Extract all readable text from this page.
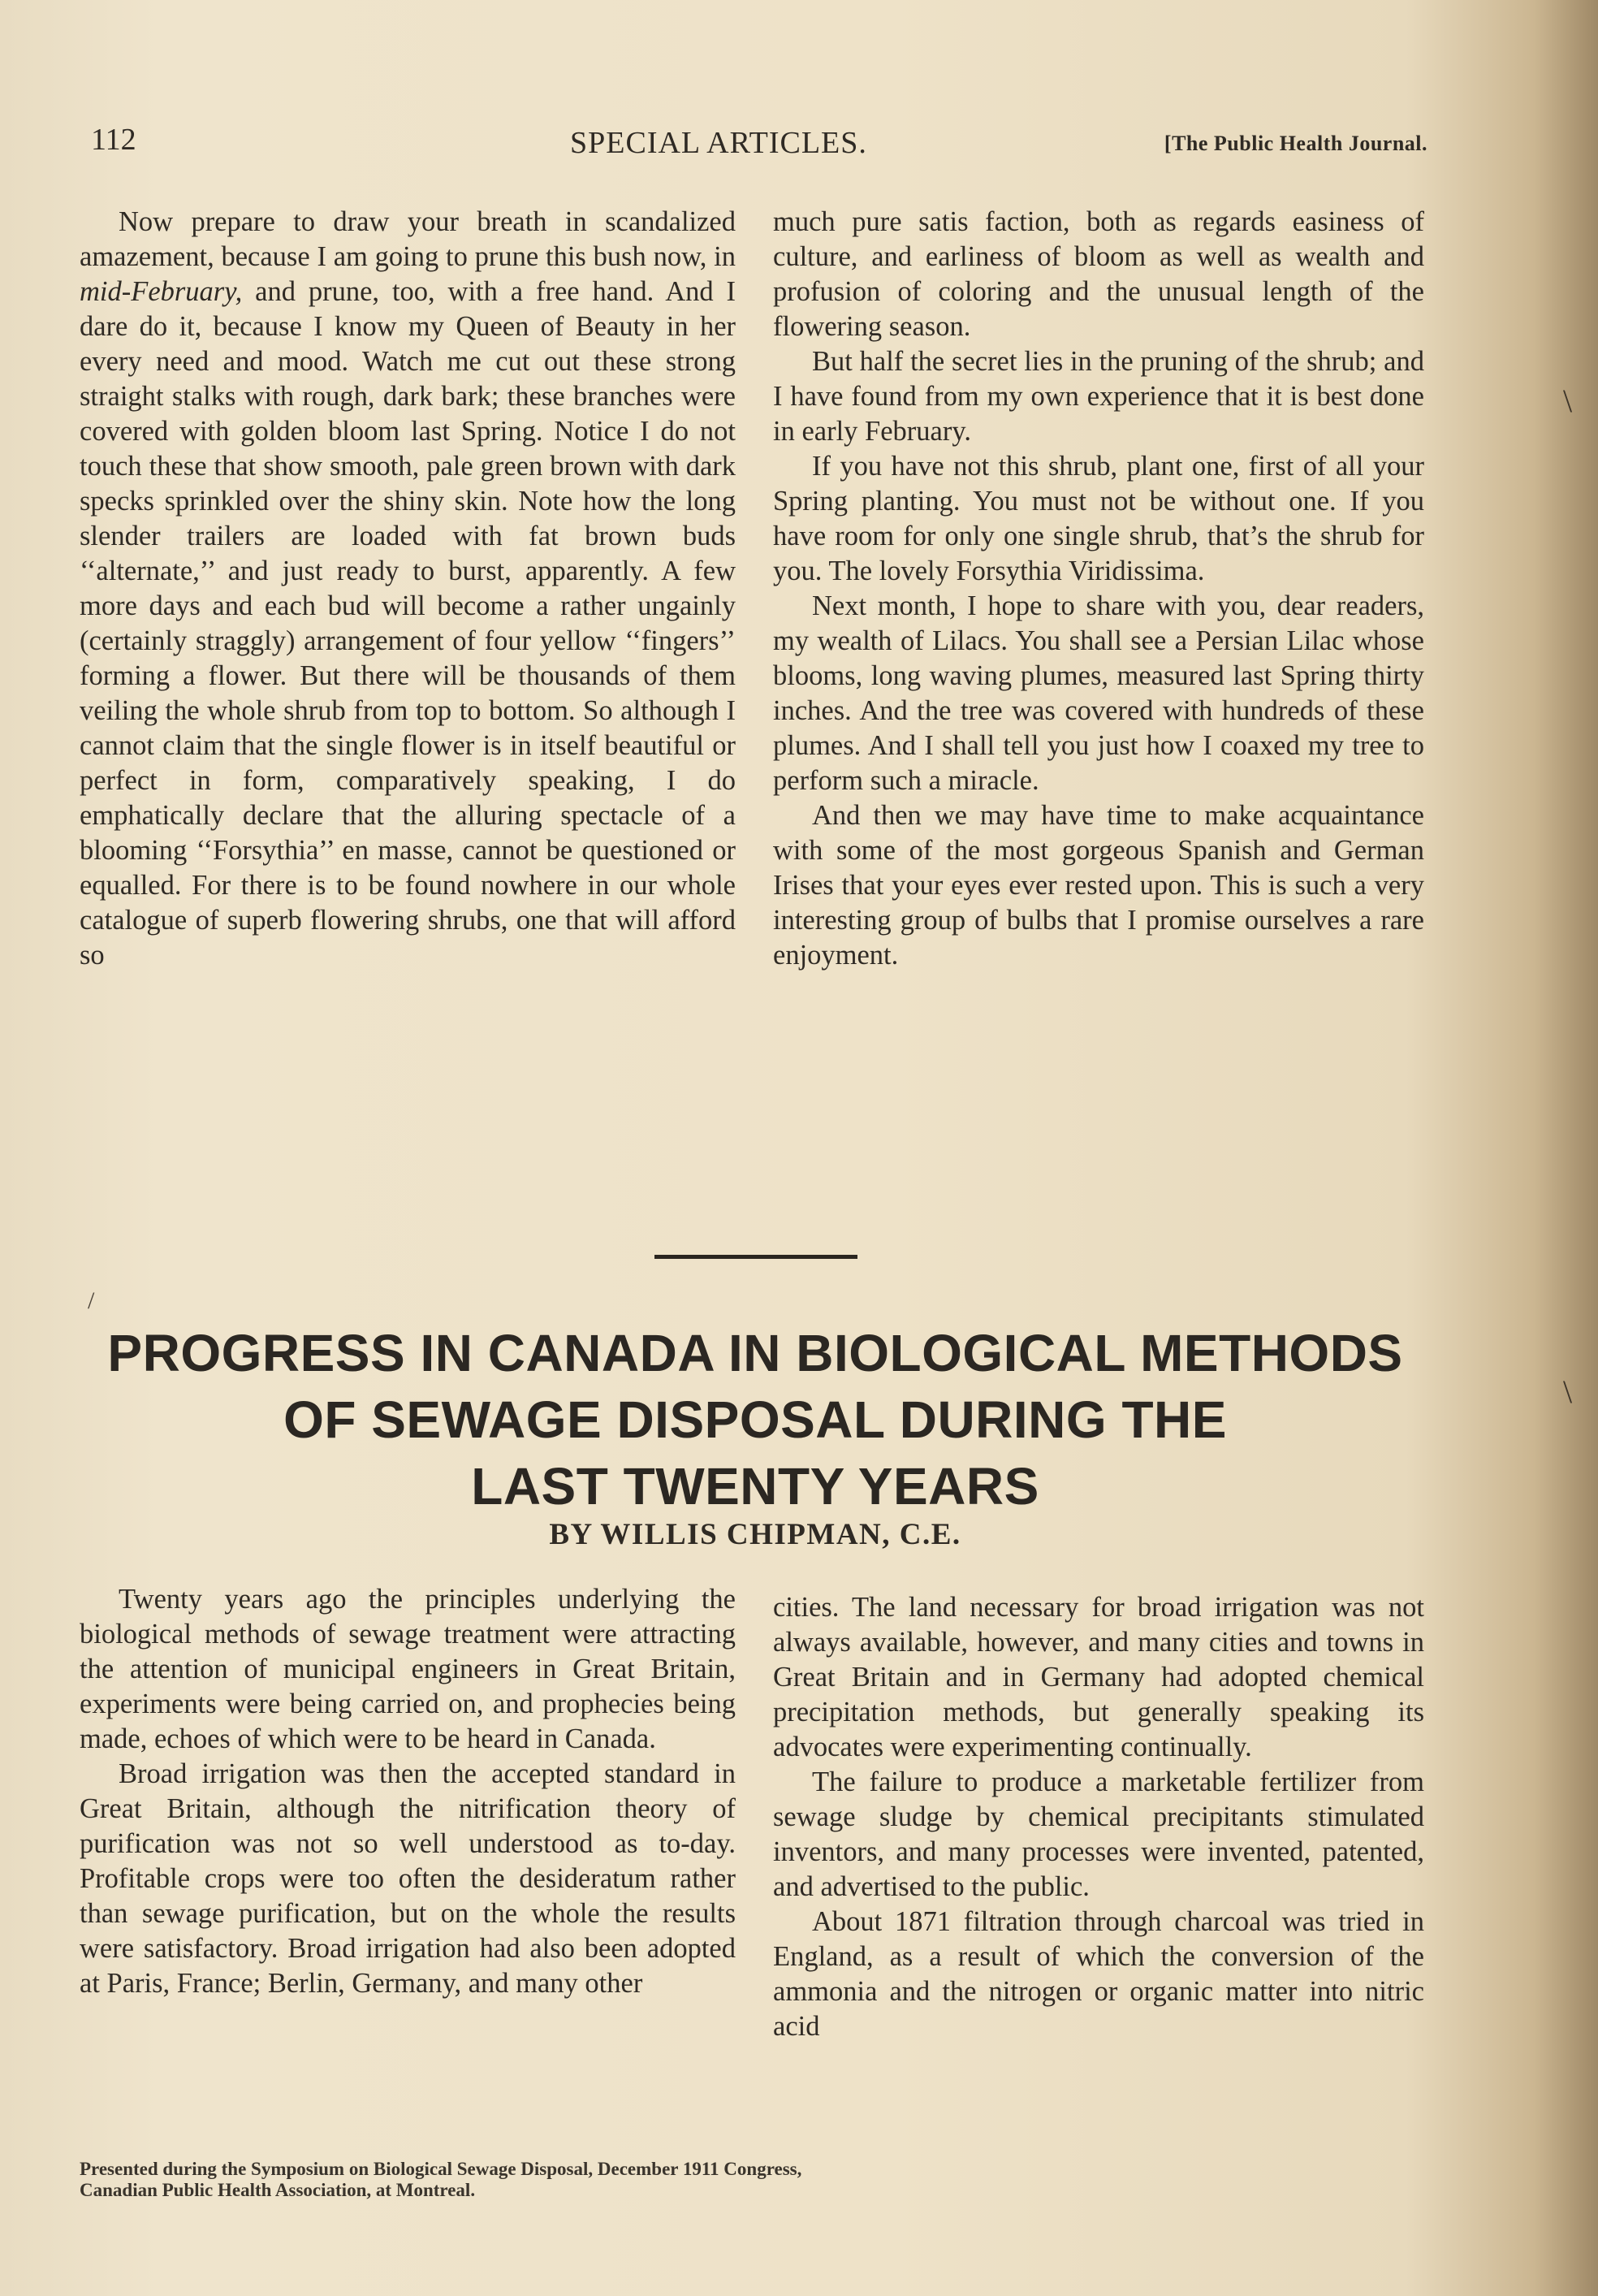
112	SPECIAL ARTICLES.	[The Public Health Journal.

Now prepare to draw your breath in scandalized amazement, because I am going to prune this bush now, in mid-February, and prune, too, with a free hand. And I dare do it, because I know my Queen of Beauty in her every need and mood. Watch me cut out these strong straight stalks with rough, dark bark; these branches were covered with golden bloom last Spring. Notice I do not touch these that show smooth, pale green brown with dark specks sprinkled over the shiny skin. Note how the long slender trailers are loaded with fat brown buds ‘‘alternate,’’ and just ready to burst, apparently. A few more days and each bud will become a rather ungainly (certainly straggly) arrangement of four yellow ‘‘fingers’’ forming a flower. But there will be thousands of them veiling the whole shrub from top to bottom. So although I cannot claim that the single flower is in itself beautiful or perfect in form, comparatively speaking, I do emphatically declare that the alluring spectacle of a blooming ‘‘Forsythia’’ en masse, cannot be questioned or equalled. For there is to be found nowhere in our whole catalogue of superb flowering shrubs, one that will afford so

much pure satis faction, both as regards easiness of culture, and earliness of bloom as well as wealth and profusion of coloring and the unusual length of the flowering season.

But half the secret lies in the pruning of the shrub; and I have found from my own experience that it is best done in early February.

If you have not this shrub, plant one, first of all your Spring planting. You must not be without one. If you have room for only one single shrub, that’s the shrub for you. The lovely Forsythia Viridissima.

Next month, I hope to share with you, dear readers, my wealth of Lilacs. You shall see a Persian Lilac whose blooms, long waving plumes, measured last Spring thirty inches. And the tree was covered with hundreds of these plumes. And I shall tell you just how I coaxed my tree to perform such a miracle.

And then we may have time to make acquaintance with some of the most gorgeous Spanish and German Irises that your eyes ever rested upon. This is such a very interesting group of bulbs that I promise ourselves a rare enjoyment.

/
PROGRESS IN CANADA IN BIOLOGICAL METHODS
OF SEWAGE DISPOSAL DURING THE
LAST TWENTY YEARS
BY WILLIS CHIPMAN, C.E.

Twenty years ago the principles underlying the biological methods of sewage treatment were attracting the attention of municipal engineers in Great Britain, experiments were being carried on, and prophecies being made, echoes of which were to be heard in Canada.

Broad irrigation was then the accepted standard in Great Britain, although the nitrification theory of purification was not so well understood as to-day. Profitable crops were too often the desideratum rather than sewage purification, but on the whole the results were satisfactory. Broad irrigation had also been adopted at Paris, France; Berlin, Germany, and many other

cities. The land necessary for broad irrigation was not always available, however, and many cities and towns in Great Britain and in Germany had adopted chemical precipitation methods, but generally speaking its advocates were experimenting continually.

The failure to produce a marketable fertilizer from sewage sludge by chemical precipitants stimulated inventors, and many processes were invented, patented, and advertised to the public.

About 1871 filtration through charcoal was tried in England, as a result of which the conversion of the ammonia and the nitrogen or organic matter into nitric acid

Presented during the Symposium on Biological Sewage Disposal, December 1911 Congress,
Canadian Public Health Association, at Montreal.
\
\
